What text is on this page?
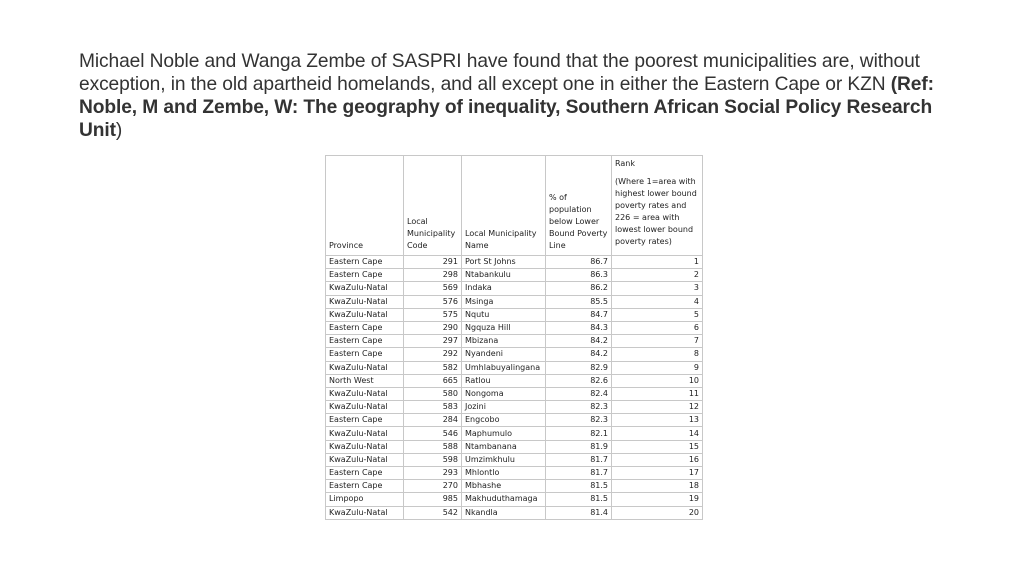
Michael Noble and Wanga Zembe of SASPRI have found that the poorest municipalities are, without exception, in the old apartheid homelands, and all except one in either the Eastern Cape or KZN (Ref: Noble, M and Zembe, W: The geography of inequality, Southern African Social Policy Research Unit)
Province	Local Municipality Code	Local Municipality Name	% of population below Lower Bound Poverty Line	Rank
(Where 1=area with highest lower bound poverty rates and 226 = area with lowest lower bound poverty rates)
Eastern Cape	291	Port St Johns	86.7	1
Eastern Cape	298	Ntabankulu	86.3	2
KwaZulu-Natal	569	Indaka	86.2	3
KwaZulu-Natal	576	Msinga	85.5	4
KwaZulu-Natal	575	Nqutu	84.7	5
Eastern Cape	290	Ngquza Hill	84.3	6
Eastern Cape	297	Mbizana	84.2	7
Eastern Cape	292	Nyandeni	84.2	8
KwaZulu-Natal	582	Umhlabuyalingana	82.9	9
North West	665	Ratlou	82.6	10
KwaZulu-Natal	580	Nongoma	82.4	11
KwaZulu-Natal	583	Jozini	82.3	12
Eastern Cape	284	Engcobo	82.3	13
KwaZulu-Natal	546	Maphumulo	82.1	14
KwaZulu-Natal	588	Ntambanana	81.9	15
KwaZulu-Natal	598	Umzimkhulu	81.7	16
Eastern Cape	293	Mhlontlo	81.7	17
Eastern Cape	270	Mbhashe	81.5	18
Limpopo	985	Makhuduthamaga	81.5	19
KwaZulu-Natal	542	Nkandla	81.4	20
